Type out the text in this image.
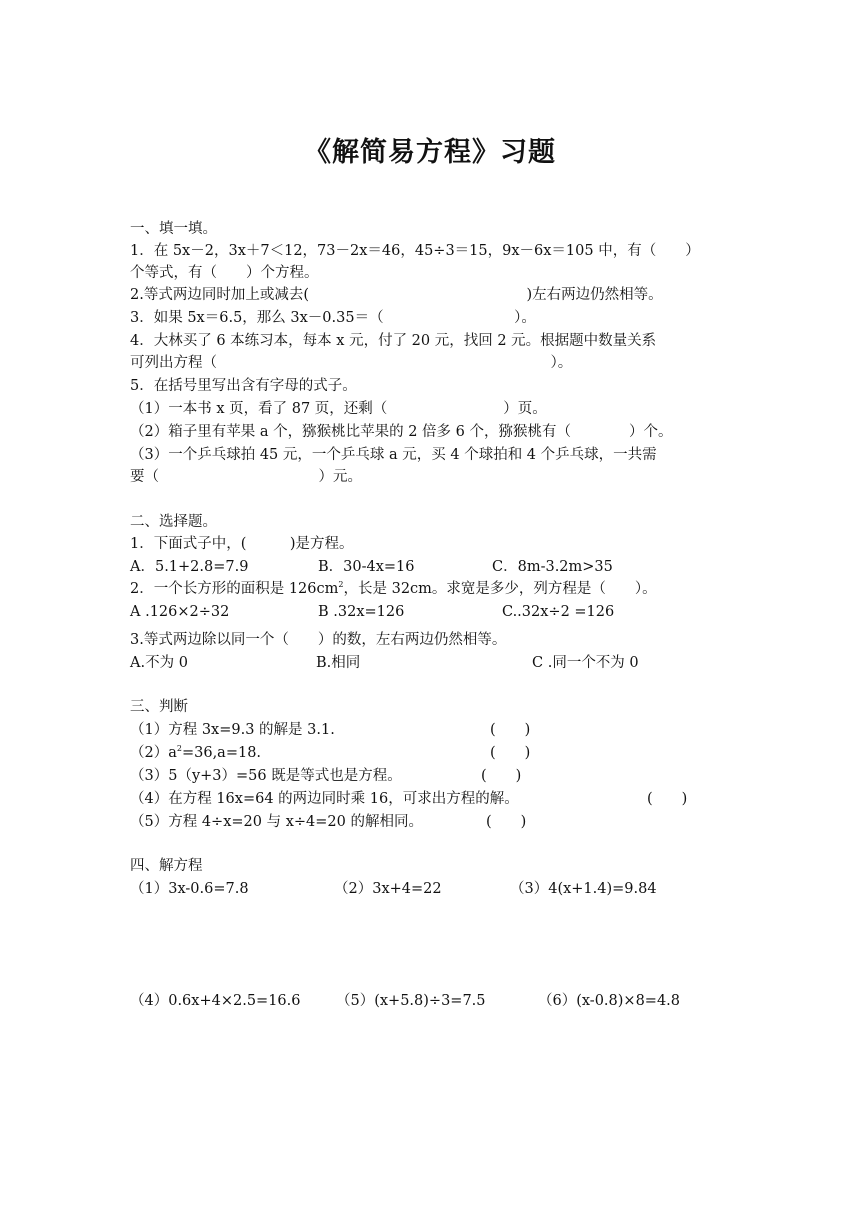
《解简易方程》习题
一、填一填。
1．在 5x－2，3x＋7＜12，73－2x＝46，45÷3＝15，9x－6x＝105 中，有（　　）
个等式，有（　　）个方程。
2.等式两边同时加上或减去(　　　　　　　　　　　　　　　)左右两边仍然相等。
3．如果 5x＝6.5，那么 3x－0.35＝（　　　　　　　　　）。
4．大林买了 6 本练习本，每本 x 元，付了 20 元，找回 2 元。根据题中数量关系
可列出方程（　　　　　　　　　　　　　　　　　　　　　　　）。
5．在括号里写出含有字母的式子。
（1）一本书 x 页，看了 87 页，还剩（　　　　　　　　）页。
（2）箱子里有苹果 a 个，猕猴桃比苹果的 2 倍多 6 个，猕猴桃有（　　　　）个。
（3）一个乒乓球拍 45 元，一个乒乓球 a 元，买 4 个球拍和 4 个乒乓球，一共需
要（　　　　　　　　　　　）元。
二、选择题。
1．下面式子中，(　　　)是方程。
A．5.1+2.8=7.9	B．30-4x=16	C．8m-3.2m>35
2．一个长方形的面积是 $126cm^2$，长是 32cm。求宽是多少，列方程是（　　）。
A .126×2÷32	B .32x=126	C..32x÷2 =126
3.等式两边除以同一个（　　）的数，左右两边仍然相等。
A.不为 0	B.相同	C .同一个不为 0
三、判断
（1）方程 3x=9.3 的解是 3.1.	(　　)
$(2)a^2=36,a=18$.	(　　)
（3）5（y+3）=56 既是等式也是方程。	(　　)
（4）在方程 16x=64 的两边同时乘 16，可求出方程的解。	(　　)
（5）方程 4÷x=20 与 x÷4=20 的解相同。	(　　)
四、解方程
（1）3x-0.6=7.8	（2）3x+4=22	（3）4(x+1.4)=9.84
（4）0.6x+4×2.5=16.6 （5）(x+5.8)÷3=7.5	（6）(x-0.8)×8=4.8
